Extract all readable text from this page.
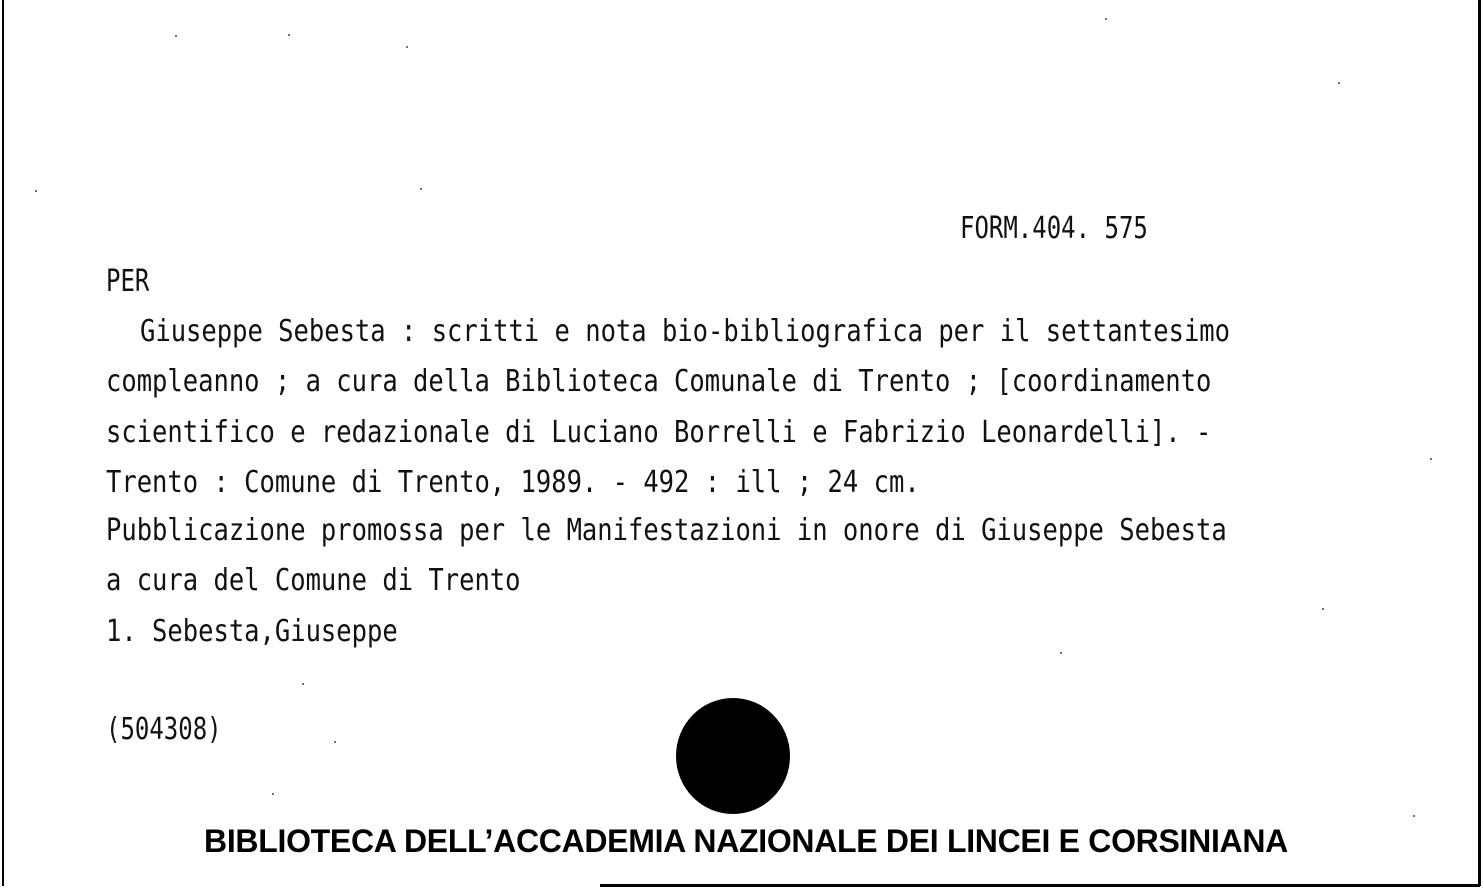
FORM.404. 575
PER
Giuseppe Sebesta : scritti e nota bio-bibliografica per il settantesimo
compleanno ; a cura della Biblioteca Comunale di Trento ; [coordinamento
scientifico e redazionale di Luciano Borrelli e Fabrizio Leonardelli]. -
Trento : Comune di Trento, 1989. - 492 : ill ; 24 cm.
Pubblicazione promossa per le Manifestazioni in onore di Giuseppe Sebesta
a cura del Comune di Trento
1. Sebesta,Giuseppe
(504308)
BIBLIOTECA DELL’ACCADEMIA NAZIONALE DEI LINCEI E CORSINIANA
